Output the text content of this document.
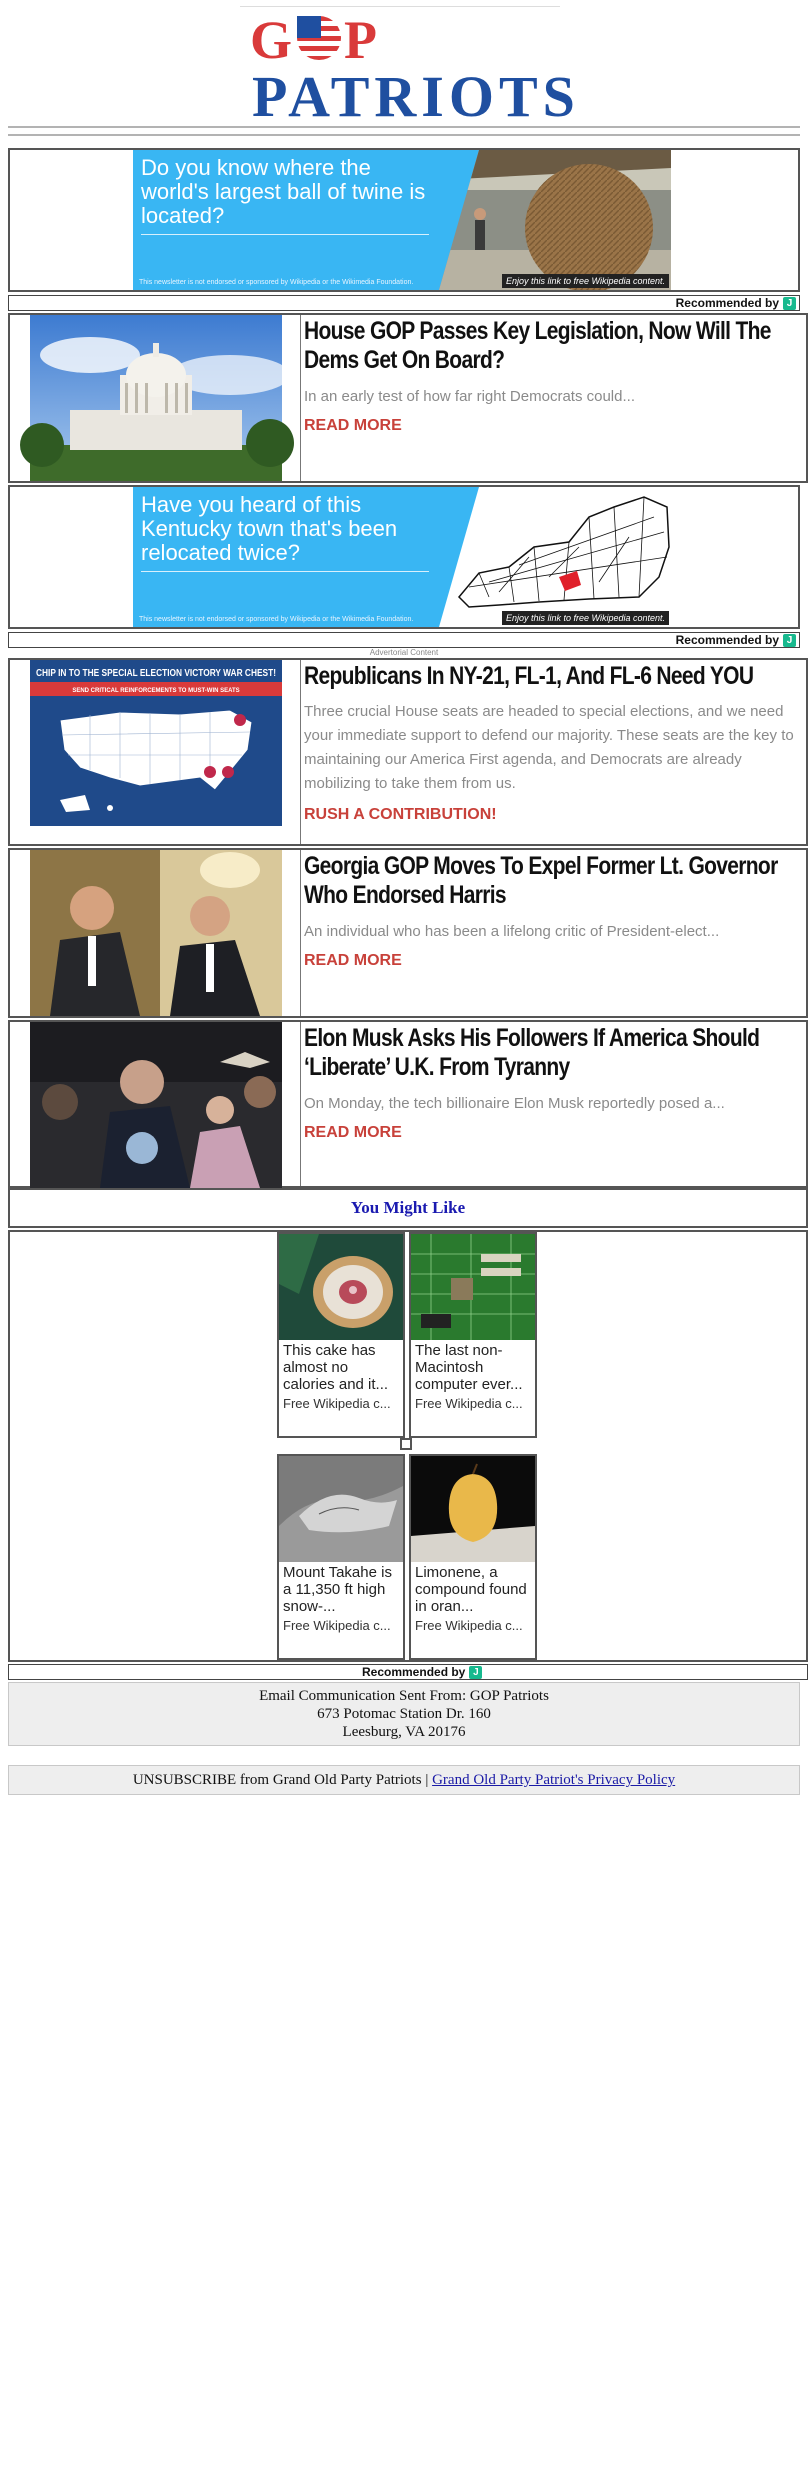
G P
PATRIOTS
Do you know where the world's largest ball of twine is located?
This newsletter is not endorsed or sponsored by Wikipedia or the Wikimedia Foundation.	Enjoy this link to free Wikipedia content.
Recommended by J
House GOP Passes Key Legislation, Now Will The Dems Get On Board?
In an early test of how far right Democrats could...
READ MORE
Have you heard of this Kentucky town that's been relocated twice?
This newsletter is not endorsed or sponsored by Wikipedia or the Wikimedia Foundation.	Enjoy this link to free Wikipedia content.
Recommended by J
Advertorial Content
CHIP IN TO THE SPECIAL ELECTION VICTORY WAR CHEST!
SEND CRITICAL REINFORCEMENTS TO MUST-WIN SEATS
Republicans In NY-21, FL-1, And FL-6 Need YOU
Three crucial House seats are headed to special elections, and we need your immediate support to defend our majority. These seats are the key to maintaining our America First agenda, and Democrats are already mobilizing to take them from us.
RUSH A CONTRIBUTION!
Georgia GOP Moves To Expel Former Lt. Governor Who Endorsed Harris
An individual who has been a lifelong critic of President-elect...
READ MORE
Elon Musk Asks His Followers If America Should ‘Liberate’ U.K. From Tyranny
On Monday, the tech billionaire Elon Musk reportedly posed a...
READ MORE
You Might Like
This cake has almost no calories and it...
Free Wikipedia c...
The last non-Macintosh computer ever...
Free Wikipedia c...
Mount Takahe is a 11,350 ft high snow-...
Free Wikipedia c...
Limonene, a compound found in oran...
Free Wikipedia c...
Recommended by J
Email Communication Sent From: GOP Patriots
673 Potomac Station Dr. 160
Leesburg, VA 20176
UNSUBSCRIBE from Grand Old Party Patriots | Grand Old Party Patriot's Privacy Policy
